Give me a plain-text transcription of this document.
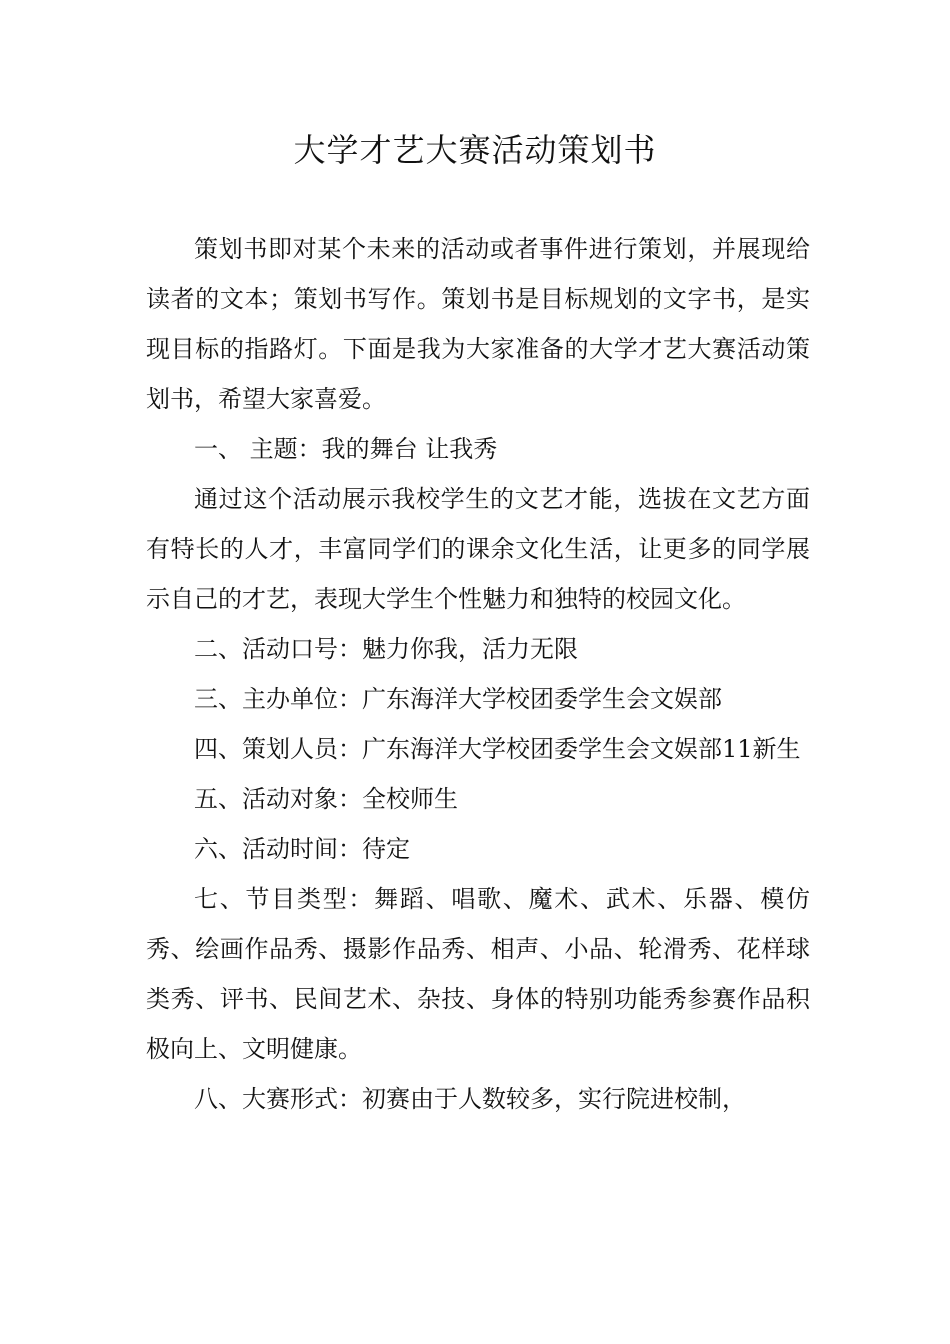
大学才艺大赛活动策划书

策划书即对某个未来的活动或者事件进行策划，并展现给读者的文本；策划书写作。策划书是目标规划的文字书，是实现目标的指路灯。下面是我为大家准备的大学才艺大赛活动策划书，希望大家喜爱。

一、 主题：我的舞台 让我秀

通过这个活动展示我校学生的文艺才能，选拔在文艺方面有特长的人才，丰富同学们的课余文化生活，让更多的同学展示自己的才艺，表现大学生个性魅力和独特的校园文化。

二、活动口号：魅力你我，活力无限

三、主办单位：广东海洋大学校团委学生会文娱部

四、策划人员：广东海洋大学校团委学生会文娱部11新生

五、活动对象：全校师生

六、活动时间：待定

七、节目类型：舞蹈、唱歌、魔术、武术、乐器、模仿秀、绘画作品秀、摄影作品秀、相声、小品、轮滑秀、花样球类秀、评书、民间艺术、杂技、身体的特别功能秀参赛作品积极向上、文明健康。

八、大赛形式：初赛由于人数较多，实行院进校制，
